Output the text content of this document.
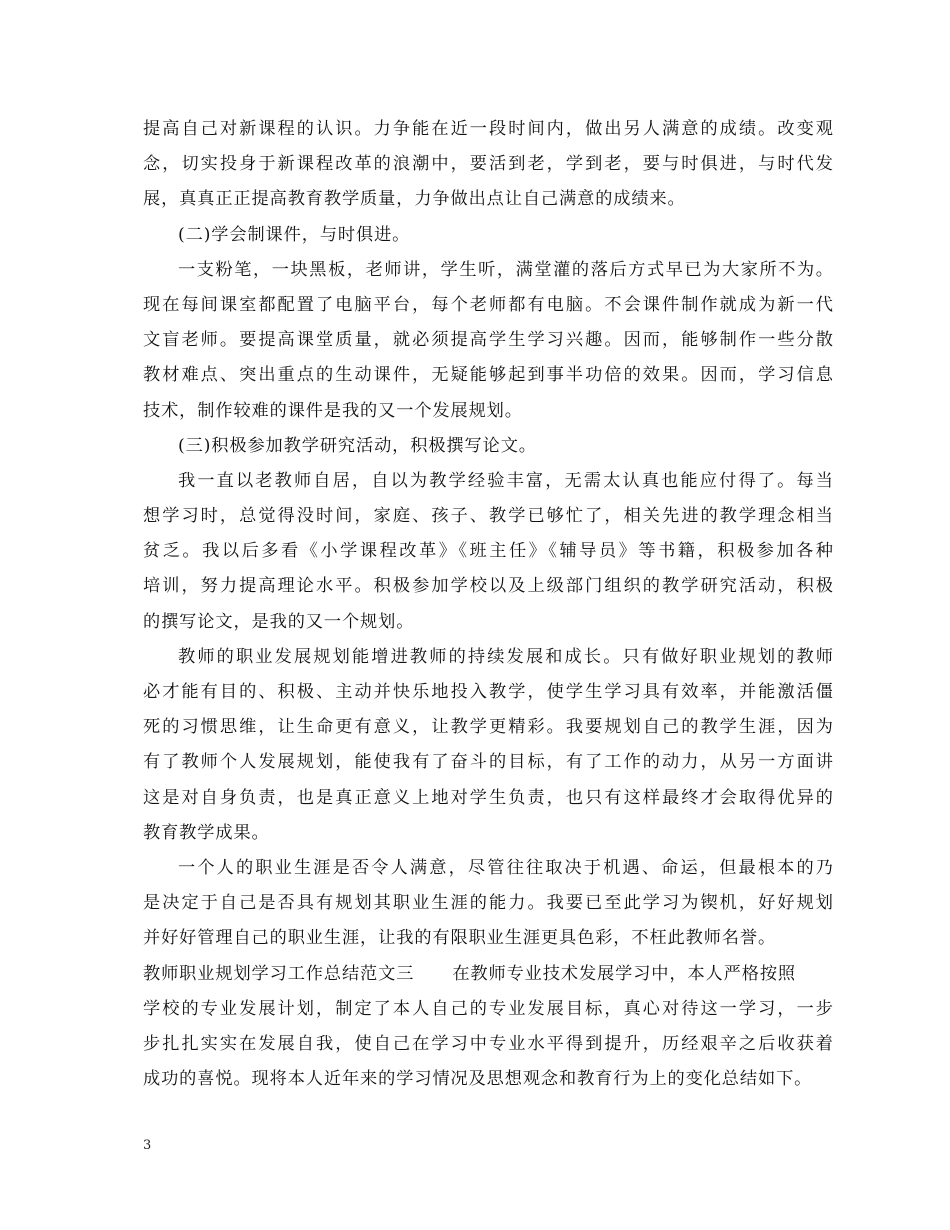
提高自己对新课程的认识。力争能在近一段时间内，做出另人满意的成绩。改变观
念，切实投身于新课程改革的浪潮中，要活到老，学到老，要与时俱进，与时代发
展，真真正正提高教育教学质量，力争做出点让自己满意的成绩来。
(二)学会制课件，与时俱进。
一支粉笔，一块黑板，老师讲，学生听，满堂灌的落后方式早已为大家所不为。
现在每间课室都配置了电脑平台，每个老师都有电脑。不会课件制作就成为新一代
文盲老师。要提高课堂质量，就必须提高学生学习兴趣。因而，能够制作一些分散
教材难点、突出重点的生动课件，无疑能够起到事半功倍的效果。因而，学习信息
技术，制作较难的课件是我的又一个发展规划。
(三)积极参加教学研究活动，积极撰写论文。
我一直以老教师自居，自以为教学经验丰富，无需太认真也能应付得了。每当
想学习时，总觉得没时间，家庭、孩子、教学已够忙了，相关先进的教学理念相当
贫乏。我以后多看《小学课程改革》《班主任》《辅导员》等书籍，积极参加各种
培训，努力提高理论水平。积极参加学校以及上级部门组织的教学研究活动，积极
的撰写论文，是我的又一个规划。
教师的职业发展规划能增进教师的持续发展和成长。只有做好职业规划的教师
必才能有目的、积极、主动并快乐地投入教学，使学生学习具有效率，并能激活僵
死的习惯思维，让生命更有意义，让教学更精彩。我要规划自己的教学生涯，因为
有了教师个人发展规划，能使我有了奋斗的目标，有了工作的动力，从另一方面讲
这是对自身负责，也是真正意义上地对学生负责，也只有这样最终才会取得优异的
教育教学成果。
一个人的职业生涯是否令人满意，尽管往往取决于机遇、命运，但最根本的乃
是决定于自己是否具有规划其职业生涯的能力。我要已至此学习为锲机，好好规划
并好好管理自己的职业生涯，让我的有限职业生涯更具色彩，不枉此教师名誉。
教师职业规划学习工作总结范文三 在教师专业技术发展学习中，本人严格按照
学校的专业发展计划，制定了本人自己的专业发展目标，真心对待这一学习，一步
步扎扎实实在发展自我，使自己在学习中专业水平得到提升，历经艰辛之后收获着
成功的喜悦。现将本人近年来的学习情况及思想观念和教育行为上的变化总结如下。
3
